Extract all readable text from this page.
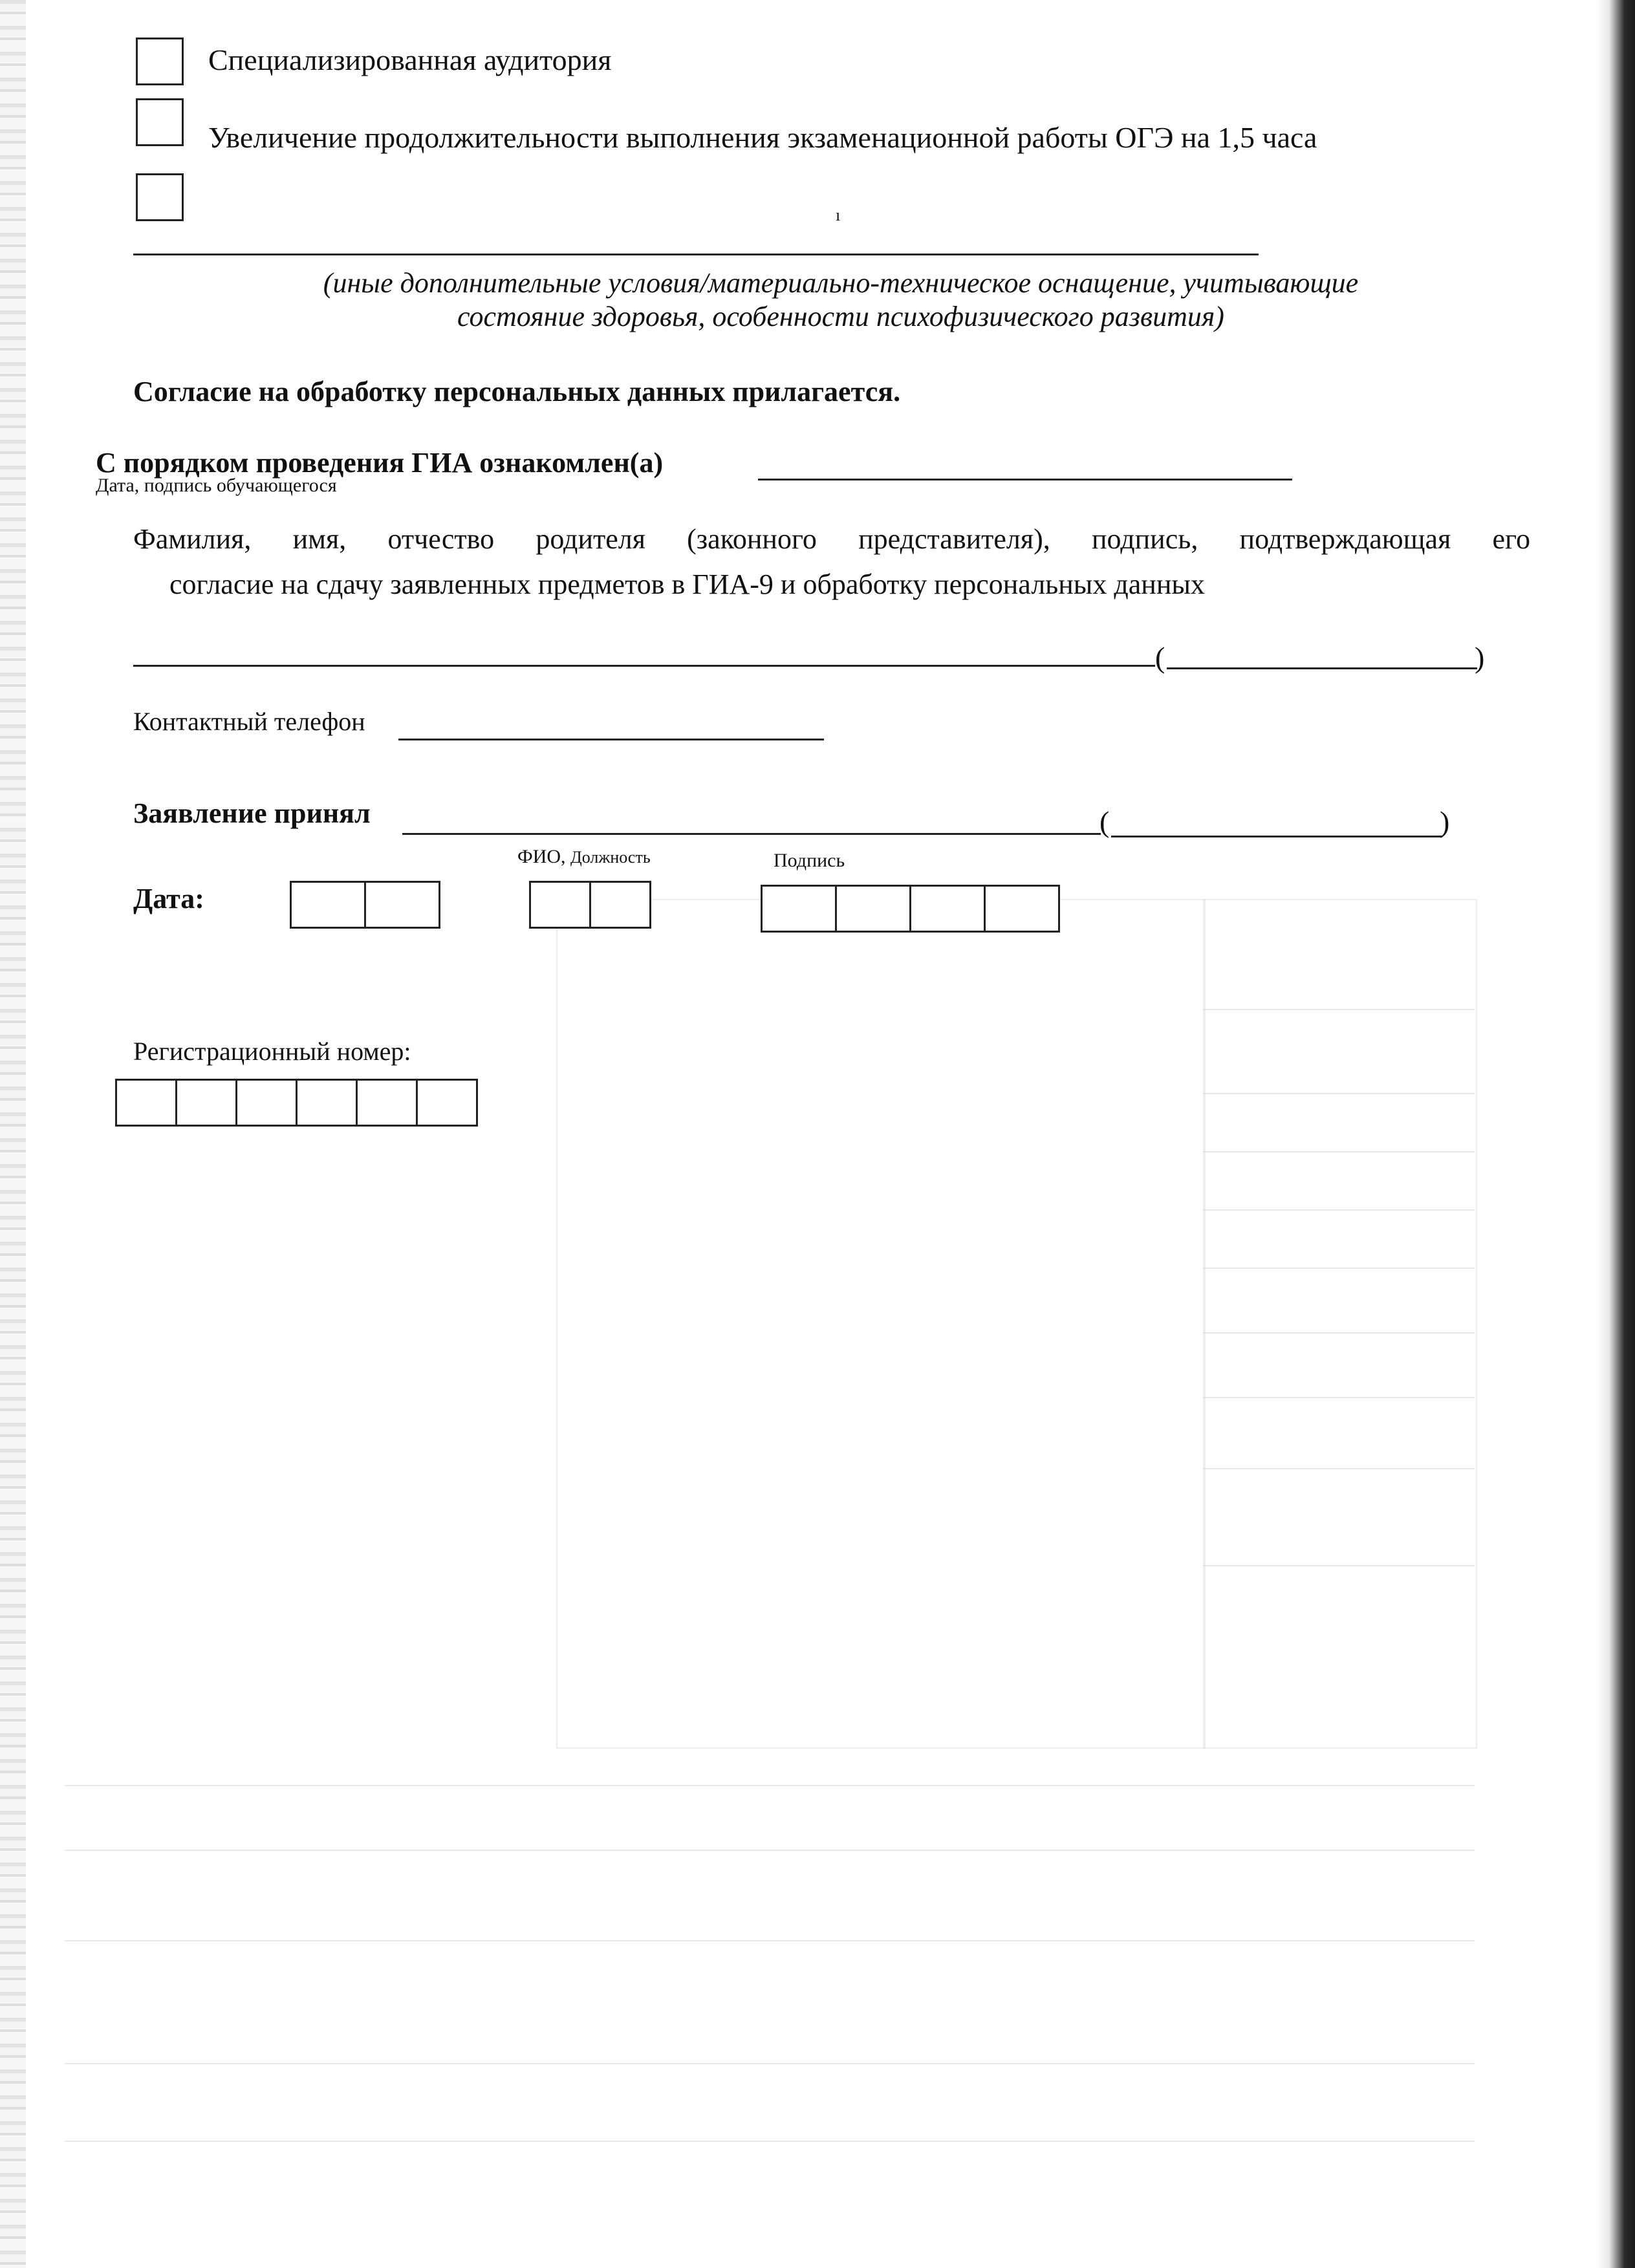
Специализированная аудитория
Увеличение продолжительности выполнения экзаменационной работы ОГЭ на 1,5 часа
ı
(иные дополнительные условия/материально-техническое оснащение, учитывающие
состояние здоровья, особенности психофизического развития)
Согласие на обработку персональных данных прилагается.
С порядком проведения ГИА ознакомлен(а)
Дата, подпись обучающегося
Фамилия, имя, отчество родителя (законного представителя), подпись, подтверждающая его
согласие на сдачу заявленных предметов в ГИА-9 и обработку персональных данных
(	)
Контактный телефон
Заявление принял	(	)
ФИО, Должность	Подпись
Дата:
Регистрационный номер:
